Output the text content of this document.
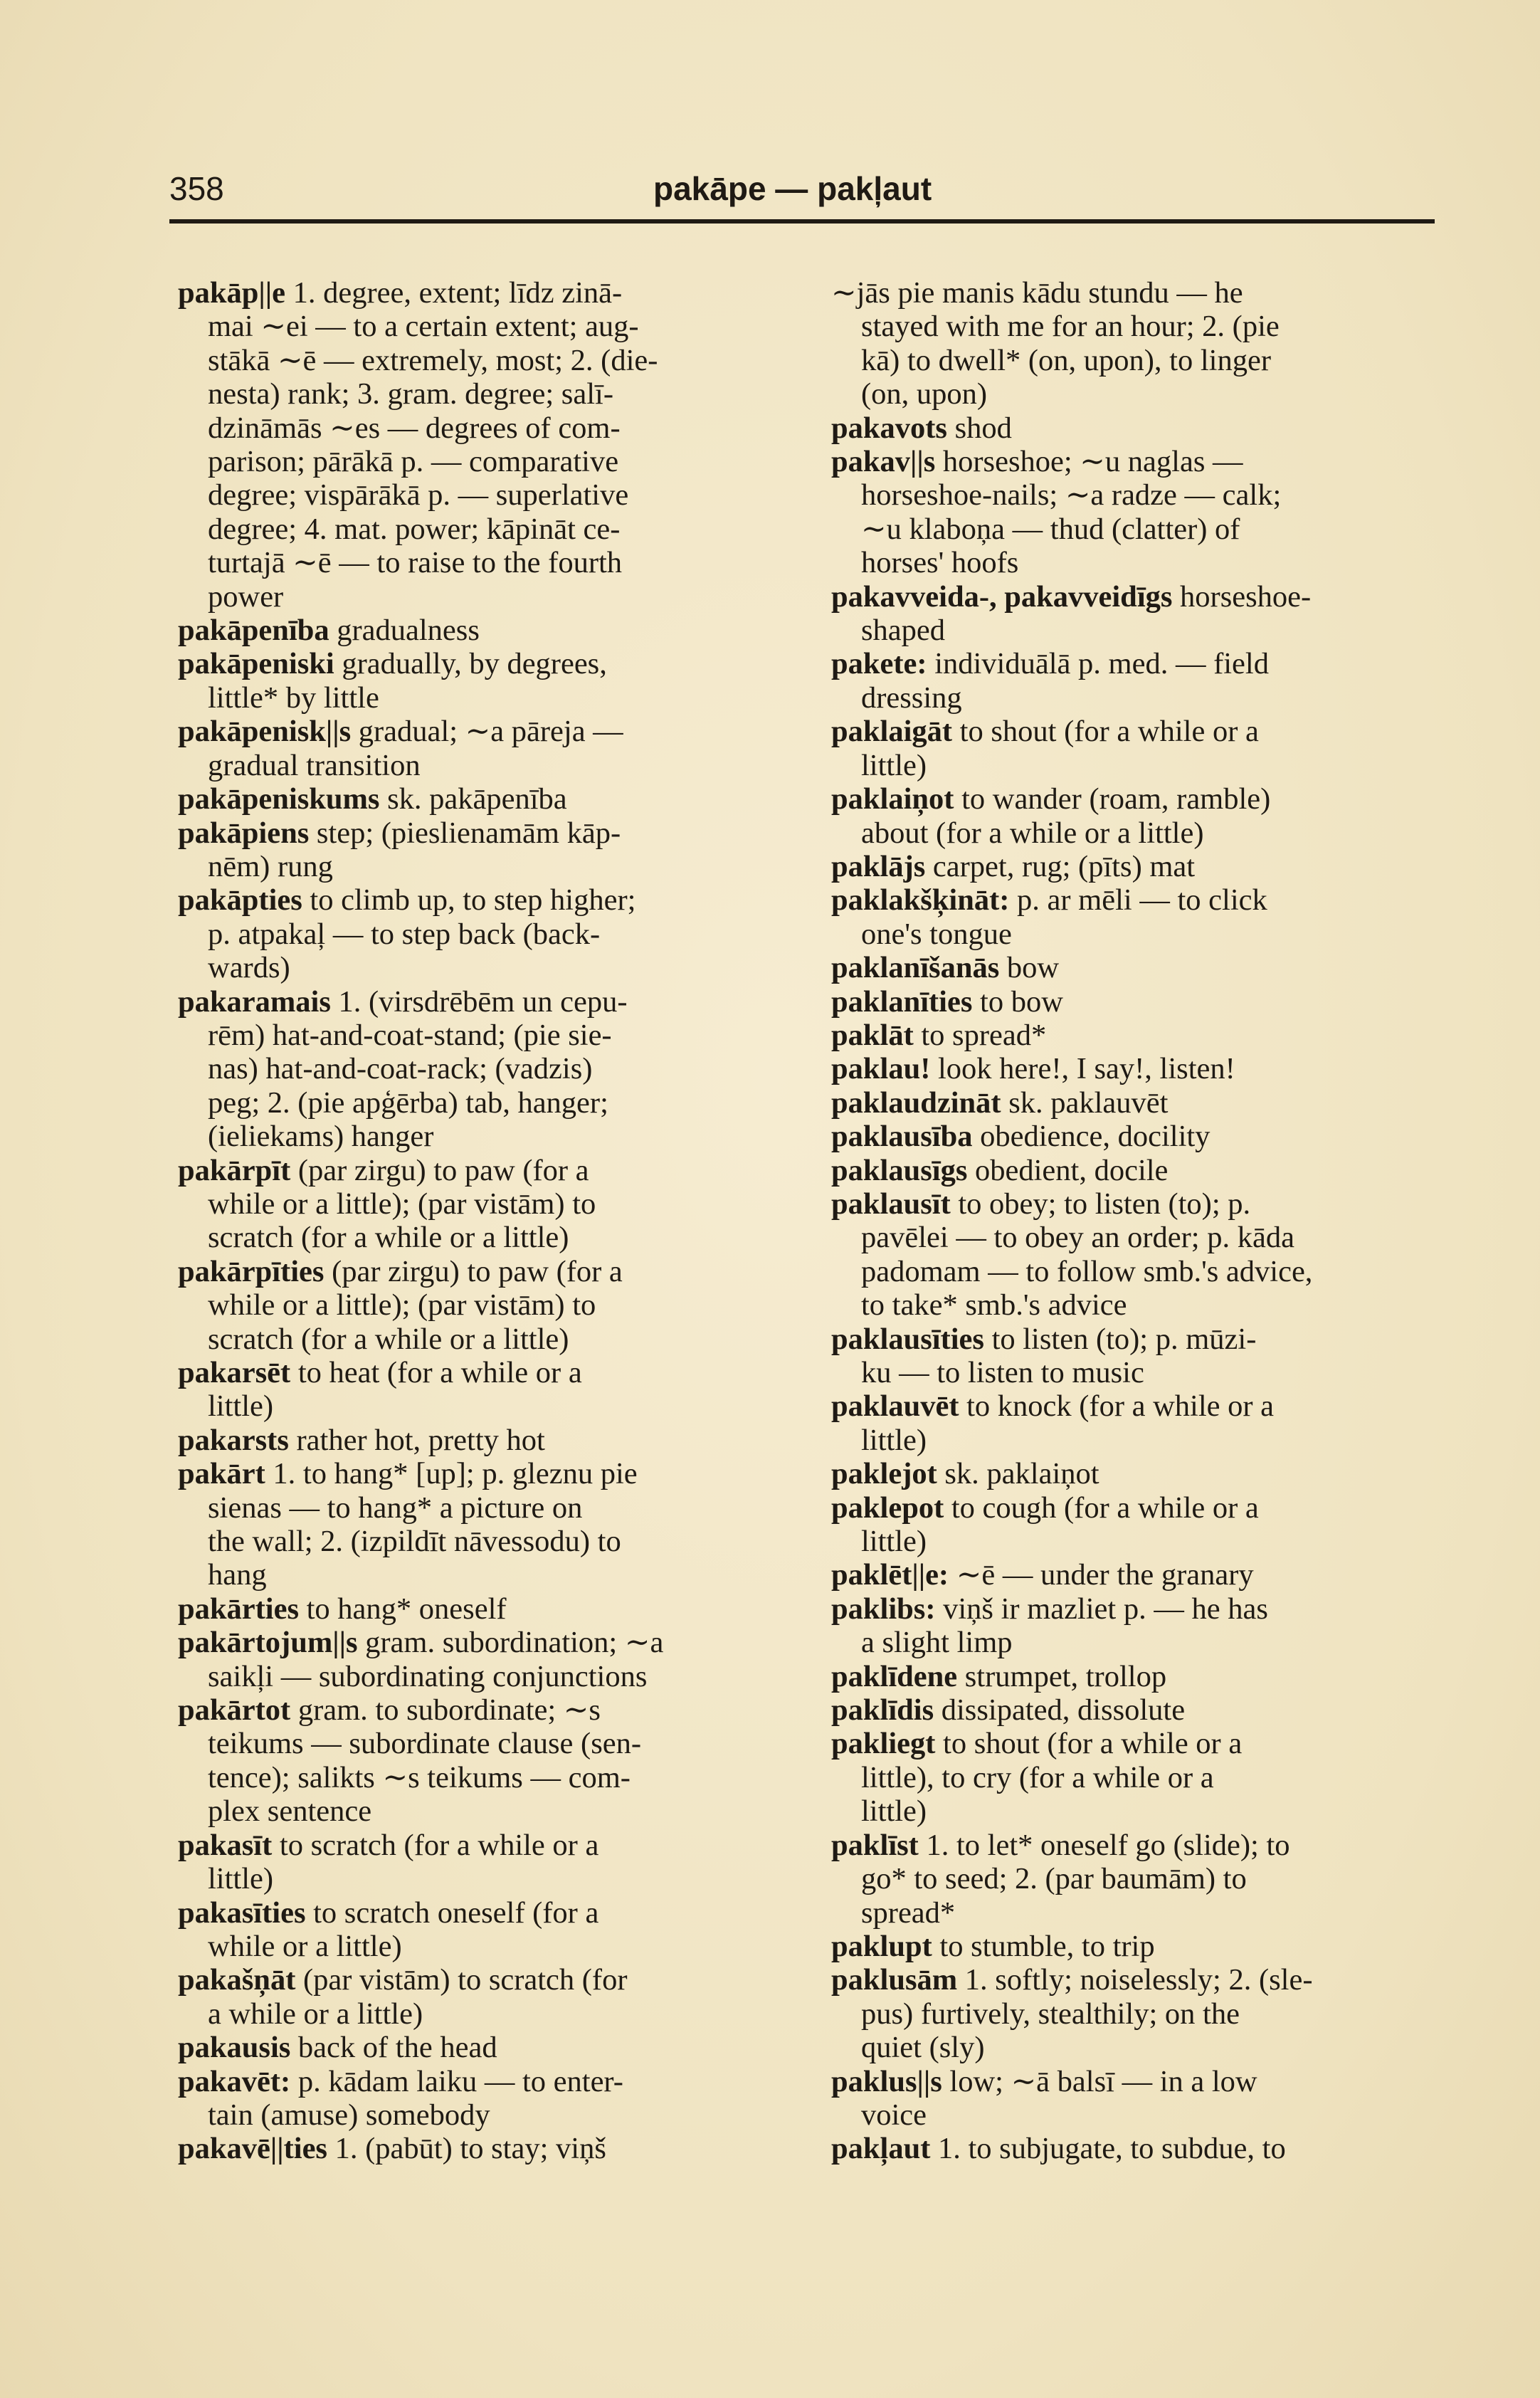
358	pakāpe — pakļaut
pakāp||e 1. degree, extent; līdz zinā-
mai ∼ei — to a certain extent; aug-
stākā ∼ē — extremely, most; 2. (die-
nesta) rank; 3. gram. degree; salī-
dzināmās ∼es — degrees of com-
parison; pārākā p. — comparative
degree; vispārākā p. — superlative
degree; 4. mat. power; kāpināt ce-
turtajā ∼ē — to raise to the fourth
power
pakāpenība gradualness
pakāpeniski gradually, by degrees,
little* by little
pakāpenisk||s gradual; ∼a pāreja —
gradual transition
pakāpeniskums sk. pakāpenība
pakāpiens step; (pieslienamām kāp-
nēm) rung
pakāpties to climb up, to step higher;
p. atpakaļ — to step back (back-
wards)
pakaramais 1. (virsdrēbēm un cepu-
rēm) hat-and-coat-stand; (pie sie-
nas) hat-and-coat-rack; (vadzis)
peg; 2. (pie apģērba) tab, hanger;
(ieliekams) hanger
pakārpīt (par zirgu) to paw (for a
while or a little); (par vistām) to
scratch (for a while or a little)
pakārpīties (par zirgu) to paw (for a
while or a little); (par vistām) to
scratch (for a while or a little)
pakarsēt to heat (for a while or a
little)
pakarsts rather hot, pretty hot
pakārt 1. to hang* [up]; p. gleznu pie
sienas — to hang* a picture on
the wall; 2. (izpildīt nāvessodu) to
hang
pakārties to hang* oneself
pakārtojum||s gram. subordination; ∼a
saikļi — subordinating conjunctions
pakārtot gram. to subordinate; ∼s
teikums — subordinate clause (sen-
tence); salikts ∼s teikums — com-
plex sentence
pakasīt to scratch (for a while or a
little)
pakasīties to scratch oneself (for a
while or a little)
pakašņāt (par vistām) to scratch (for
a while or a little)
pakausis back of the head
pakavēt: p. kādam laiku — to enter-
tain (amuse) somebody
pakavē||ties 1. (pabūt) to stay; viņš
∼jās pie manis kādu stundu — he
stayed with me for an hour; 2. (pie
kā) to dwell* (on, upon), to linger
(on, upon)
pakavots shod
pakav||s horseshoe; ∼u naglas —
horseshoe-nails; ∼a radze — calk;
∼u klaboņa — thud (clatter) of
horses' hoofs
pakavveida-, pakavveidīgs horseshoe-
shaped
pakete: individuālā p. med. — field
dressing
paklaigāt to shout (for a while or a
little)
paklaiņot to wander (roam, ramble)
about (for a while or a little)
paklājs carpet, rug; (pīts) mat
paklakšķināt: p. ar mēli — to click
one's tongue
paklanīšanās bow
paklanīties to bow
paklāt to spread*
paklau! look here!, I say!, listen!
paklaudzināt sk. paklauvēt
paklausība obedience, docility
paklausīgs obedient, docile
paklausīt to obey; to listen (to); p.
pavēlei — to obey an order; p. kāda
padomam — to follow smb.'s advice,
to take* smb.'s advice
paklausīties to listen (to); p. mūzi-
ku — to listen to music
paklauvēt to knock (for a while or a
little)
paklejot sk. paklaiņot
paklepot to cough (for a while or a
little)
paklēt||e: ∼ē — under the granary
paklibs: viņš ir mazliet p. — he has
a slight limp
paklīdene strumpet, trollop
paklīdis dissipated, dissolute
pakliegt to shout (for a while or a
little), to cry (for a while or a
little)
paklīst 1. to let* oneself go (slide); to
go* to seed; 2. (par baumām) to
spread*
paklupt to stumble, to trip
paklusām 1. softly; noiselessly; 2. (sle-
pus) furtively, stealthily; on the
quiet (sly)
paklus||s low; ∼ā balsī — in a low
voice
pakļaut 1. to subjugate, to subdue, to
